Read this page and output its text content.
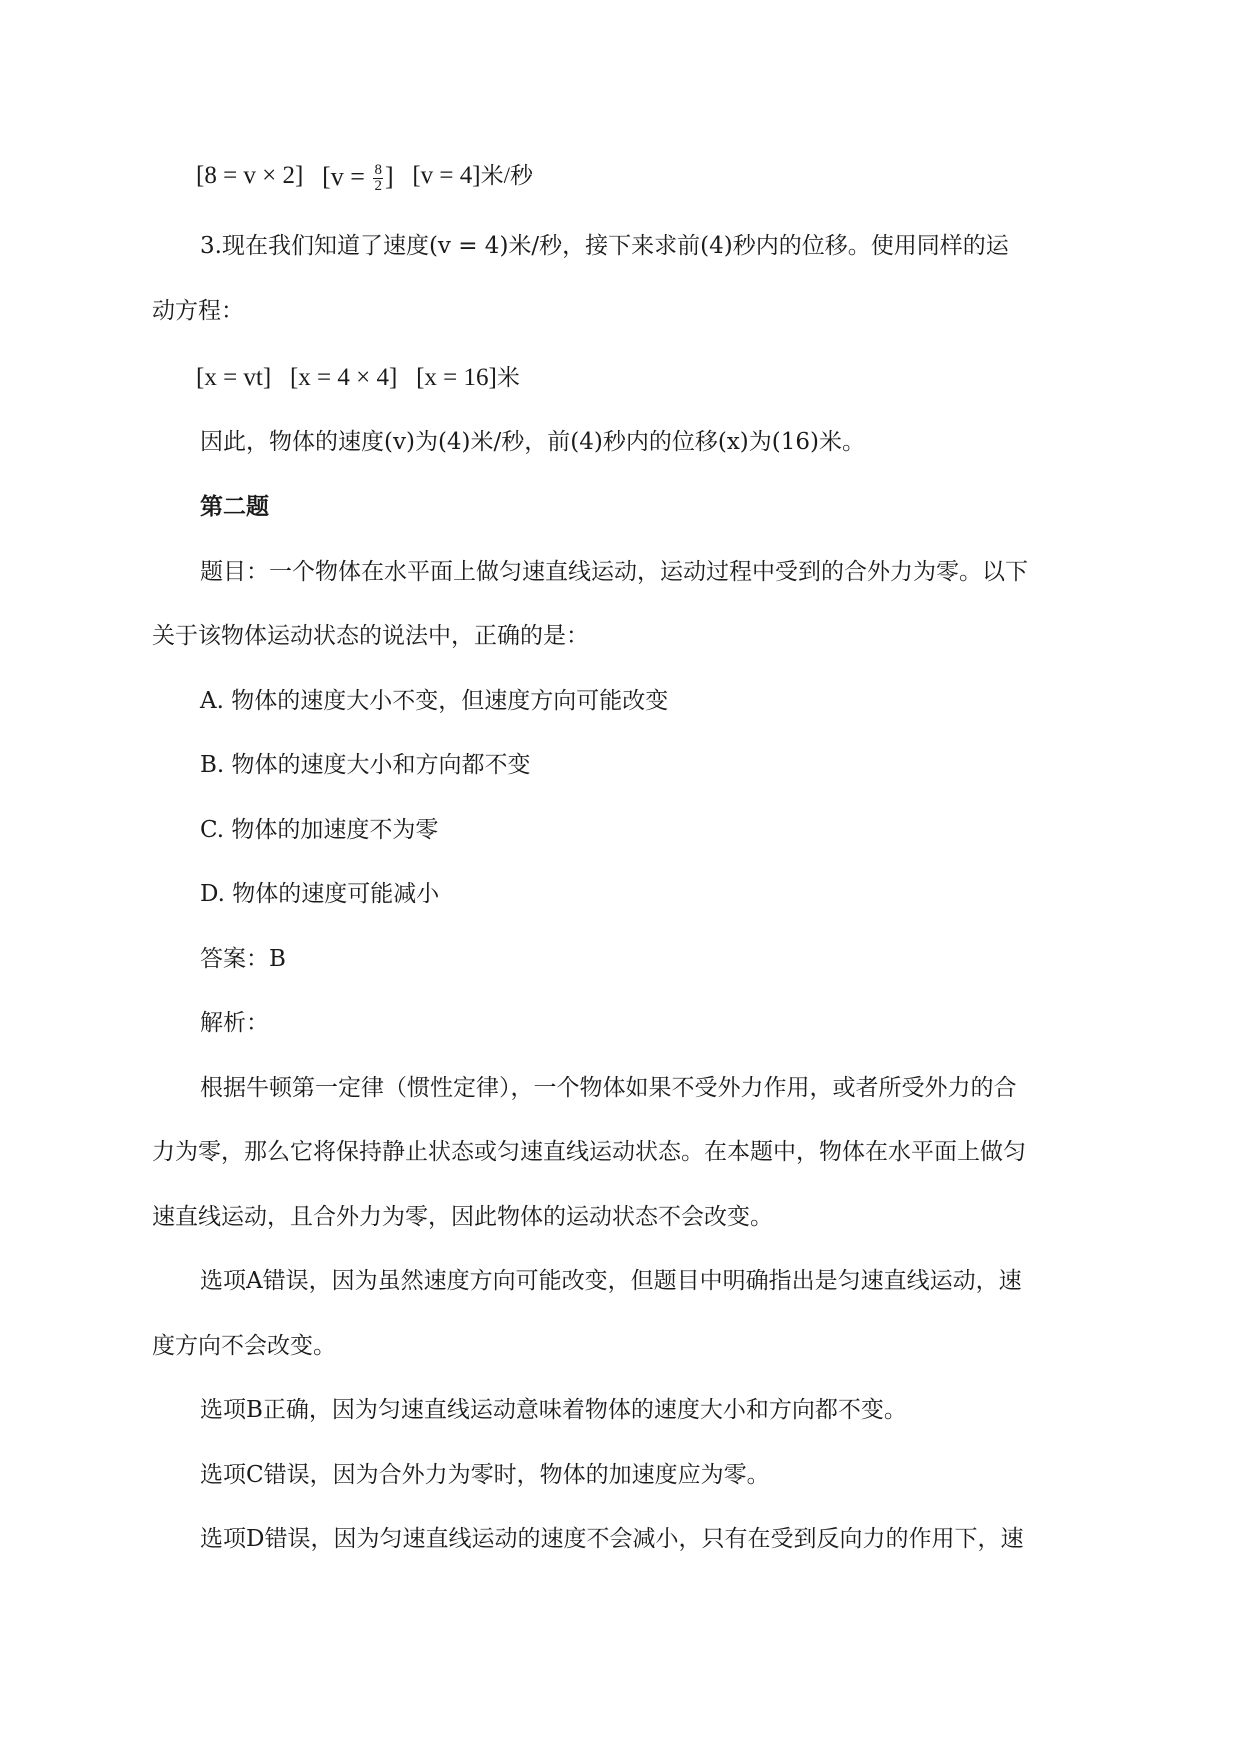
[8 = v × 2] [$v = \frac{8}{2}$ ] [v = 4]米/秒
3.现在我们知道了速度(v = 4)米/秒，接下来求前(4)秒内的位移。使用同样的运
动方程：
[x = vt] [x = 4 × 4] [x = 16]米
因此，物体的速度(v)为(4)米/秒，前(4)秒内的位移(x)为(16)米。
第二题
题目：一个物体在水平面上做匀速直线运动，运动过程中受到的合外力为零。以下
关于该物体运动状态的说法中，正确的是：
A. 物体的速度大小不变，但速度方向可能改变
B. 物体的速度大小和方向都不变
C. 物体的加速度不为零
D. 物体的速度可能减小
答案：B
解析：
根据牛顿第一定律（惯性定律），一个物体如果不受外力作用，或者所受外力的合
力为零，那么它将保持静止状态或匀速直线运动状态。在本题中，物体在水平面上做匀
速直线运动，且合外力为零，因此物体的运动状态不会改变。
选项A错误，因为虽然速度方向可能改变，但题目中明确指出是匀速直线运动，速
度方向不会改变。
选项B正确，因为匀速直线运动意味着物体的速度大小和方向都不变。
选项C错误，因为合外力为零时，物体的加速度应为零。
选项D错误，因为匀速直线运动的速度不会减小，只有在受到反向力的作用下，速
